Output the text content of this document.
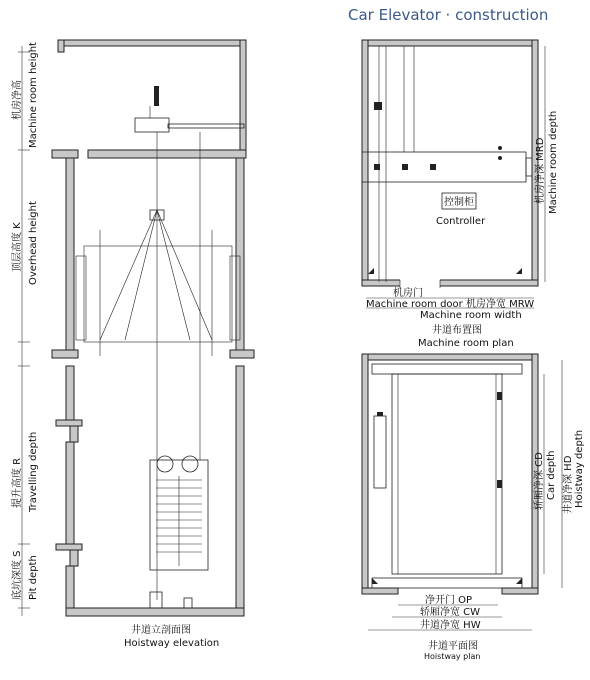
Car Elevator · construction
机房净高 Machine room height
顶层高度 K Overhead height
提升高度 R Travelling depth
底坑深度 S Pit depth
井道立剖面图
Hoistway elevation
控制柜
Controller
机房净深 MRD Machine room depth
机房门
Machine room door 机房净宽 MRW
Machine room width
井道布置图
Machine room plan
轿厢净深 CD Car depth 井道净深 HD Hoistway depth
净开门 OP
轿厢净宽 CW
井道净宽 HW
井道平面图
Hoistway plan
